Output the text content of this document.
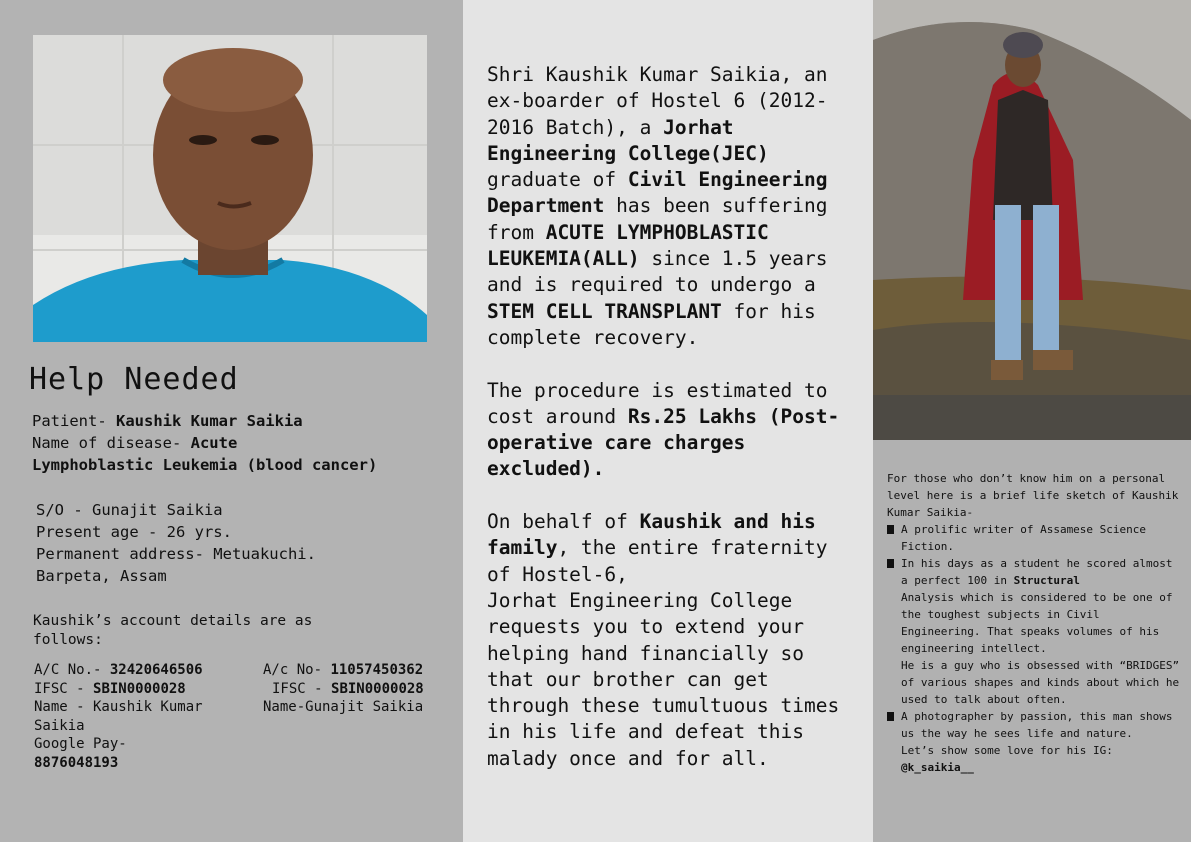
Help Needed
Patient- Kaushik Kumar Saikia
Name of disease- Acute
Lymphoblastic Leukemia (blood cancer)
S/O - Gunajit Saikia
Present age - 26 yrs.
Permanent address- Metuakuchi.
Barpeta, Assam
Kaushik’s account details are as
follows:
A/C No.- 32420646506
IFSC - SBIN0000028
Name - Kaushik Kumar
Saikia
Google Pay-
8876048193
A/c No- 11057450362
IFSC - SBIN0000028
Name-Gunajit Saikia

Shri Kaushik Kumar Saikia, an ex-boarder of Hostel 6 (2012-2016 Batch), a Jorhat Engineering College(JEC) graduate of Civil Engineering Department has been suffering from ACUTE LYMPHOBLASTIC LEUKEMIA(ALL) since 1.5 years and is required to undergo a STEM CELL TRANSPLANT for his complete recovery.

The procedure is estimated to cost around Rs.25 Lakhs (Post-operative care charges excluded).

On behalf of Kaushik and his family, the entire fraternity of Hostel-6,
Jorhat Engineering College requests you to extend your helping hand financially so that our brother can get through these tumultuous times in his life and defeat this malady once and for all.

For those who don’t know him on a personal level here is a brief life sketch of Kaushik Kumar Saikia-

A prolific writer of Assamese Science Fiction.
In his days as a student he scored almost a perfect 100 in Structural
Analysis which is considered to be one of the toughest subjects in Civil Engineering. That speaks volumes of his engineering intellect.
He is a guy who is obsessed with “BRIDGES” of various shapes and kinds about which he used to talk about often.
A photographer by passion, this man shows us the way he sees life and nature.
Let’s show some love for his IG:
@k_saikia__
